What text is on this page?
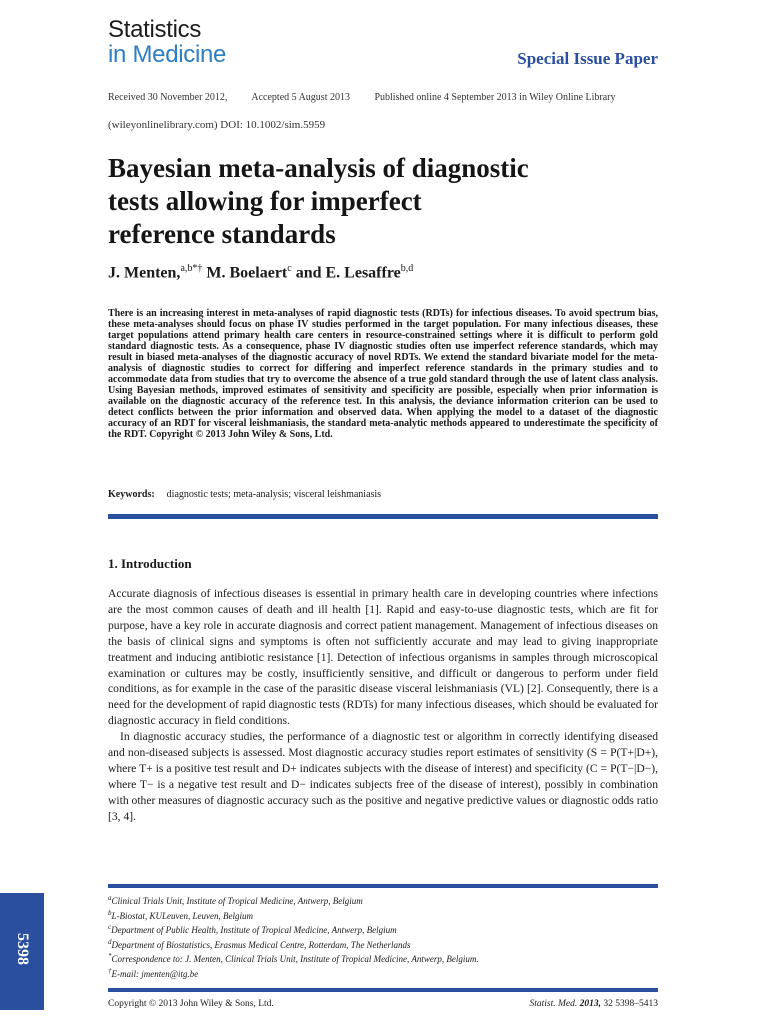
Statistics
in Medicine	Special Issue Paper
Received 30 November 2012, Accepted 5 August 2013 Published online 4 September 2013 in Wiley Online Library
(wileyonlinelibrary.com) DOI: 10.1002/sim.5959
Bayesian meta-analysis of diagnostic
tests allowing for imperfect
reference standards
J. Menten,$^{a,b*\dagger}$ M. Boelaert$^c$ and E. Lesaffre$^{b,d}$
There is an increasing interest in meta-analyses of rapid diagnostic tests (RDTs) for infectious diseases. To avoid spectrum bias, these meta-analyses should focus on phase IV studies performed in the target population. For many infectious diseases, these target populations attend primary health care centers in resource-constrained settings where it is difficult to perform gold standard diagnostic tests. As a consequence, phase IV diagnostic studies often use imperfect reference standards, which may result in biased meta-analyses of the diagnostic accuracy of novel RDTs. We extend the standard bivariate model for the meta-analysis of diagnostic studies to correct for differing and imperfect reference standards in the primary studies and to accommodate data from studies that try to overcome the absence of a true gold standard through the use of latent class analysis. Using Bayesian methods, improved estimates of sensitivity and specificity are possible, especially when prior information is available on the diagnostic accuracy of the reference test. In this analysis, the deviance information criterion can be used to detect conflicts between the prior information and observed data. When applying the model to a dataset of the diagnostic accuracy of an RDT for visceral leishmaniasis, the standard meta-analytic methods appeared to underestimate the specificity of the RDT. Copyright © 2013 John Wiley & Sons, Ltd.
Keywords: diagnostic tests; meta-analysis; visceral leishmaniasis
1. Introduction

Accurate diagnosis of infectious diseases is essential in primary health care in developing countries where infections are the most common causes of death and ill health [1]. Rapid and easy-to-use diagnostic tests, which are fit for purpose, have a key role in accurate diagnosis and correct patient management. Management of infectious diseases on the basis of clinical signs and symptoms is often not sufficiently accurate and may lead to giving inappropriate treatment and inducing antibiotic resistance [1]. Detection of infectious organisms in samples through microscopical examination or cultures may be costly, insufficiently sensitive, and difficult or dangerous to perform under field conditions, as for example in the case of the parasitic disease visceral leishmaniasis (VL) [2]. Consequently, there is a need for the development of rapid diagnostic tests (RDTs) for many infectious diseases, which should be evaluated for diagnostic accuracy in field conditions.

In diagnostic accuracy studies, the performance of a diagnostic test or algorithm in correctly identifying diseased and non-diseased subjects is assessed. Most diagnostic accuracy studies report estimates of sensitivity (S = P(T+|D+), where T+ is a positive test result and D+ indicates subjects with the disease of interest) and specificity (C = P(T−|D−), where T− is a negative test result and D− indicates subjects free of the disease of interest), possibly in combination with other measures of diagnostic accuracy such as the positive and negative predictive values or diagnostic odds ratio [3, 4].

$^a$Clinical Trials Unit, Institute of Tropical Medicine, Antwerp, Belgium
$^b$L-Biostat, KULeuven, Leuven, Belgium
$^c$Department of Public Health, Institute of Tropical Medicine, Antwerp, Belgium
$^d$Department of Biostatistics, Erasmus Medical Centre, Rotterdam, The Netherlands
*Correspondence to: J. Menten, Clinical Trials Unit, Institute of Tropical Medicine, Antwerp, Belgium.
†E-mail: jmenten@itg.be
Copyright © 2013 John Wiley & Sons, Ltd.	Statist. Med. 2013, 32 5398–5413
5398
